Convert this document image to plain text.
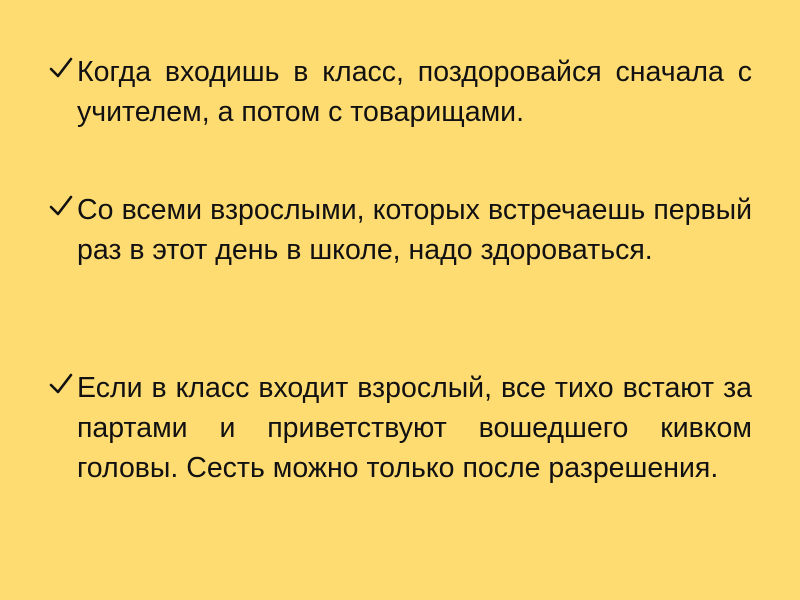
Когда входишь в класс, поздоровайся сначала с учителем, а потом с товарищами.
Со всеми взрослыми, которых встречаешь первый раз в этот день в школе, надо здороваться.
Если в класс входит взрослый, все тихо встают за партами и приветствуют вошедшего кивком головы. Сесть можно только после разрешения.
